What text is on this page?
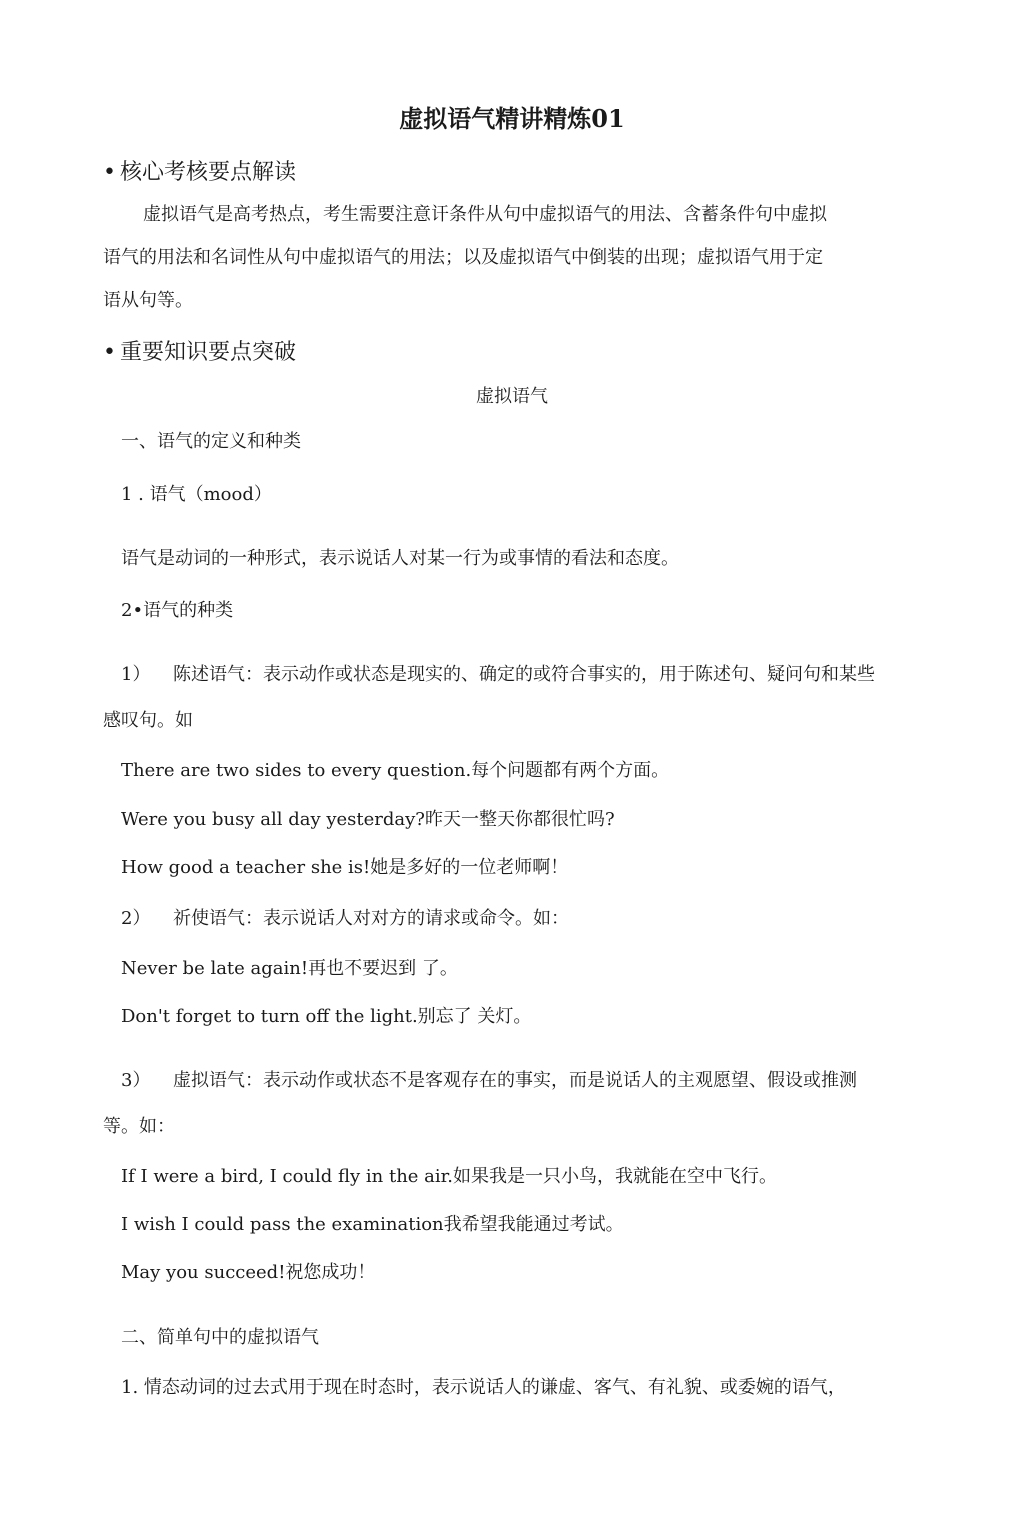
虚拟语气精讲精炼01
• 核心考核要点解读
虚拟语气是高考热点，考生需要注意讦条件从句中虚拟语气的用法、含蓄条件句中虚拟
语气的用法和名词性从句中虚拟语气的用法；以及虚拟语气中倒装的出现；虚拟语气用于定
语从句等。
• 重要知识要点突破
虚拟语气
一、语气的定义和种类
1 . 语气（mood）
语气是动词的一种形式，表示说话人对某一行为或事情的看法和态度。
2•语气的种类
1） 陈述语气：表示动作或状态是现实的、确定的或符合事实的，用于陈述句、疑问句和某些
感叹句。如
There are two sides to every question.每个问题都有两个方面。
Were you busy all day yesterday?昨天一整天你都很忙吗?
How good a teacher she is!她是多好的一位老师啊！
2） 祈使语气：表示说话人对对方的请求或命令。如：
Never be late again!再也不要迟到 了。
Don't forget to turn off the light.别忘了 关灯。
3） 虚拟语气：表示动作或状态不是客观存在的事实，而是说话人的主观愿望、假设或推测
等。如：
If I were a bird, I could fly in the air.如果我是一只小鸟，我就能在空中飞行。
I wish I could pass the examination我希望我能通过考试。
May you succeed!祝您成功！
二、简单句中的虚拟语气
1. 情态动词的过去式用于现在时态时，表示说话人的谦虚、客气、有礼貌、或委婉的语气，
